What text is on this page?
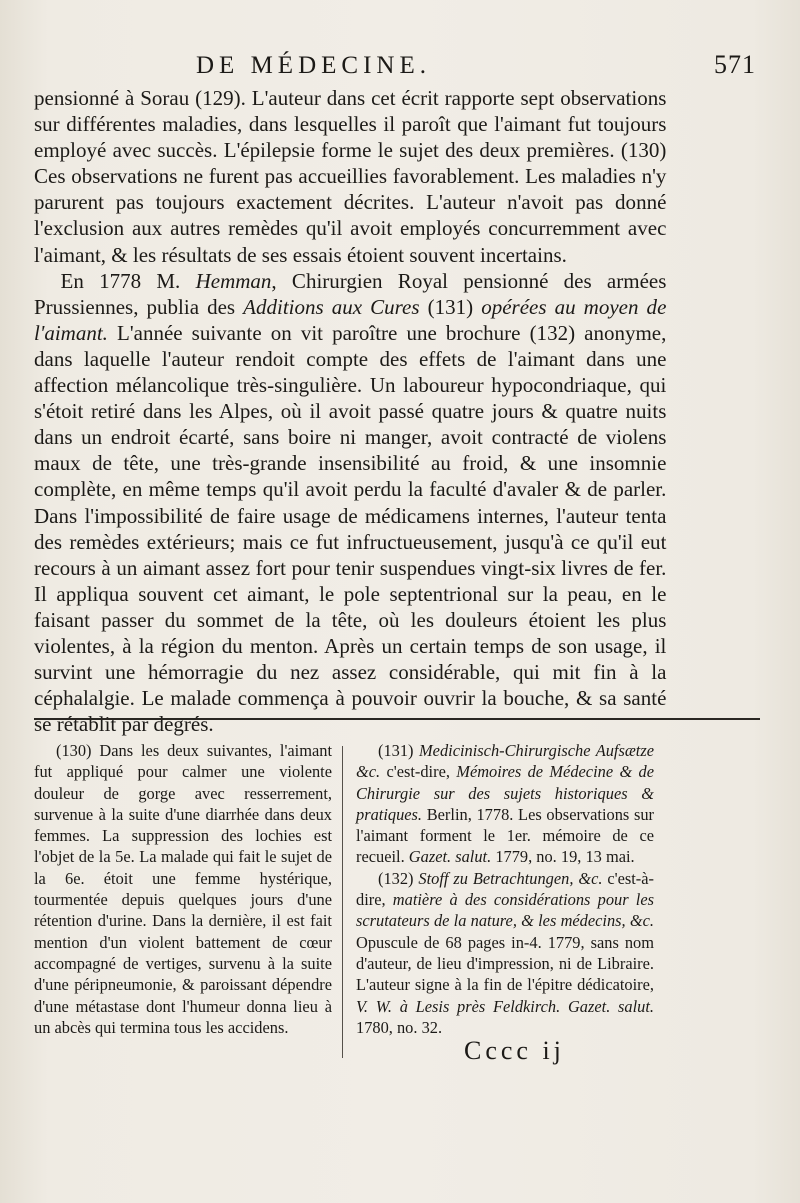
DE MÉDECINE.	571

pensionné à Sorau (129). L'auteur dans cet écrit rapporte sept observations sur différentes maladies, dans lesquelles il paroît que l'aimant fut toujours employé avec succès. L'épilepsie forme le sujet des deux premières. (130) Ces observations ne furent pas accueillies favorablement. Les maladies n'y parurent pas toujours exactement décrites. L'auteur n'avoit pas donné l'exclusion aux autres remèdes qu'il avoit employés concurremment avec l'aimant, & les résultats de ses essais étoient souvent incertains.

En 1778 M. Hemman, Chirurgien Royal pensionné des armées Prussiennes, publia des Additions aux Cures (131) opérées au moyen de l'aimant. L'année suivante on vit paroître une brochure (132) anonyme, dans laquelle l'auteur rendoit compte des effets de l'aimant dans une affection mélancolique très-singulière. Un laboureur hypocondriaque, qui s'étoit retiré dans les Alpes, où il avoit passé quatre jours & quatre nuits dans un endroit écarté, sans boire ni manger, avoit contracté de violens maux de tête, une très-grande insensibilité au froid, & une insomnie complète, en même temps qu'il avoit perdu la faculté d'avaler & de parler. Dans l'impossibilité de faire usage de médicamens internes, l'auteur tenta des remèdes extérieurs; mais ce fut infructueusement, jusqu'à ce qu'il eut recours à un aimant assez fort pour tenir suspendues vingt-six livres de fer. Il appliqua souvent cet aimant, le pole septentrional sur la peau, en le faisant passer du sommet de la tête, où les douleurs étoient les plus violentes, à la région du menton. Après un certain temps de son usage, il survint une hémorragie du nez assez considérable, qui mit fin à la céphalalgie. Le malade commença à pouvoir ouvrir la bouche, & sa santé se rétablit par degrés.

(130) Dans les deux suivantes, l'aimant fut appliqué pour calmer une violente douleur de gorge avec resserrement, survenue à la suite d'une diarrhée dans deux femmes. La suppression des lochies est l'objet de la 5e. La malade qui fait le sujet de la 6e. étoit une femme hystérique, tourmentée depuis quelques jours d'une rétention d'urine. Dans la dernière, il est fait mention d'un violent battement de cœur accompagné de vertiges, survenu à la suite d'une péripneumonie, & paroissant dépendre d'une métastase dont l'humeur donna lieu à un abcès qui termina tous les accidens.

(131) Medicinisch-Chirurgische Aufsætze &c. c'est-dire, Mémoires de Médecine & de Chirurgie sur des sujets historiques & pratiques. Berlin, 1778. Les observations sur l'aimant forment le 1er. mémoire de ce recueil. Gazet. salut. 1779, no. 19, 13 mai.

(132) Stoff zu Betrachtungen, &c. c'est-à-dire, matière à des considérations pour les scrutateurs de la nature, & les médecins, &c. Opuscule de 68 pages in-4. 1779, sans nom d'auteur, de lieu d'impression, ni de Libraire. L'auteur signe à la fin de l'épitre dédicatoire, V. W. à Lesis près Feldkirch. Gazet. salut. 1780, no. 32.

Cccc ij
